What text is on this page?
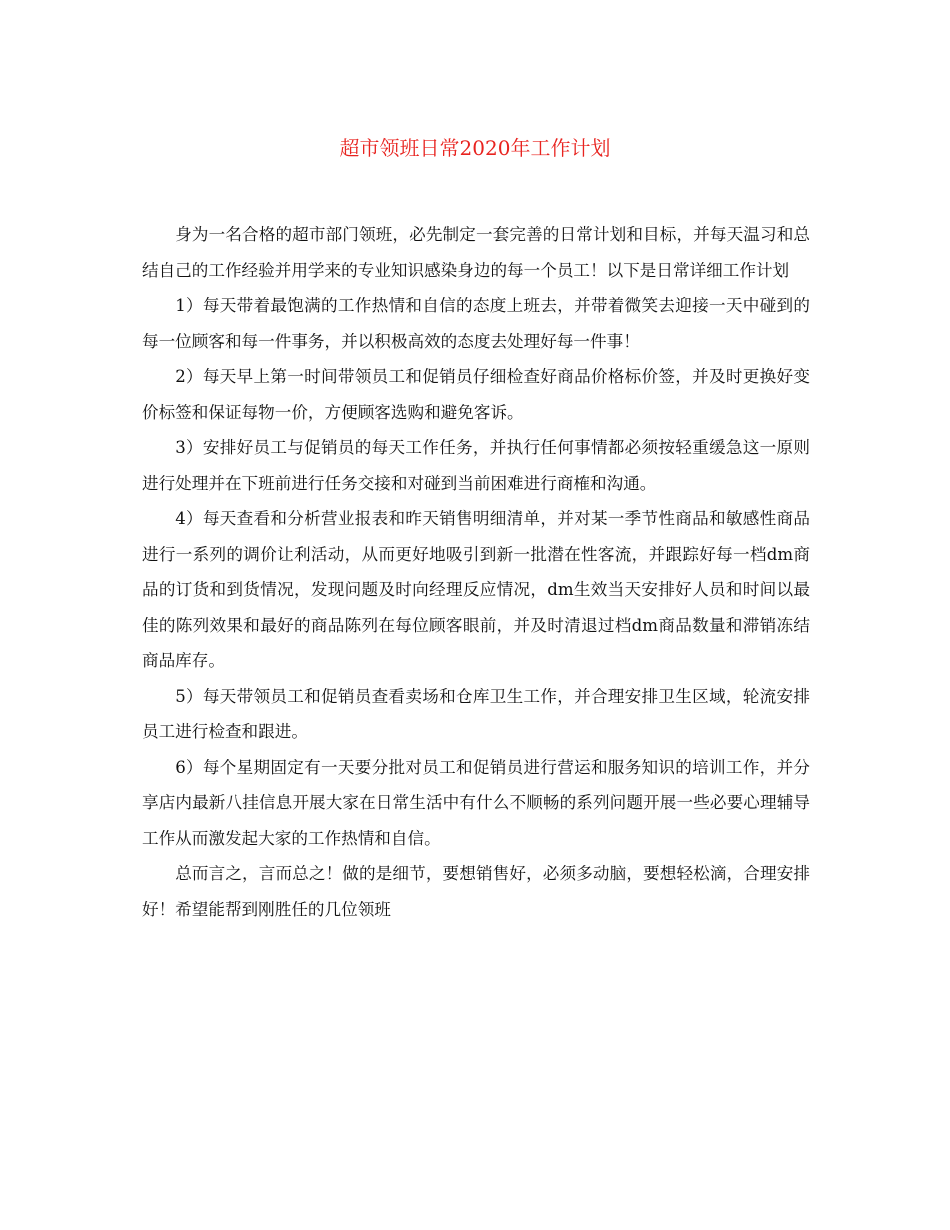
超市领班日常2020年工作计划

身为一名合格的超市部门领班，必先制定一套完善的日常计划和目标，并每天温习和总结自己的工作经验并用学来的专业知识感染身边的每一个员工！以下是日常详细工作计划

1）每天带着最饱满的工作热情和自信的态度上班去，并带着微笑去迎接一天中碰到的每一位顾客和每一件事务，并以积极高效的态度去处理好每一件事！

2）每天早上第一时间带领员工和促销员仔细检查好商品价格标价签，并及时更换好变价标签和保证每物一价，方便顾客选购和避免客诉。

3）安排好员工与促销员的每天工作任务，并执行任何事情都必须按轻重缓急这一原则进行处理并在下班前进行任务交接和对碰到当前困难进行商榷和沟通。

4）每天查看和分析营业报表和昨天销售明细清单，并对某一季节性商品和敏感性商品进行一系列的调价让利活动，从而更好地吸引到新一批潜在性客流，并跟踪好每一档dm商品的订货和到货情况，发现问题及时向经理反应情况，dm生效当天安排好人员和时间以最佳的陈列效果和最好的商品陈列在每位顾客眼前，并及时清退过档dm商品数量和滞销冻结商品库存。

5）每天带领员工和促销员查看卖场和仓库卫生工作，并合理安排卫生区域，轮流安排员工进行检查和跟进。

6）每个星期固定有一天要分批对员工和促销员进行营运和服务知识的培训工作，并分享店内最新八挂信息开展大家在日常生活中有什么不顺畅的系列问题开展一些必要心理辅导工作从而激发起大家的工作热情和自信。

总而言之，言而总之！做的是细节，要想销售好，必须多动脑，要想轻松滴，合理安排好！希望能帮到刚胜任的几位领班
